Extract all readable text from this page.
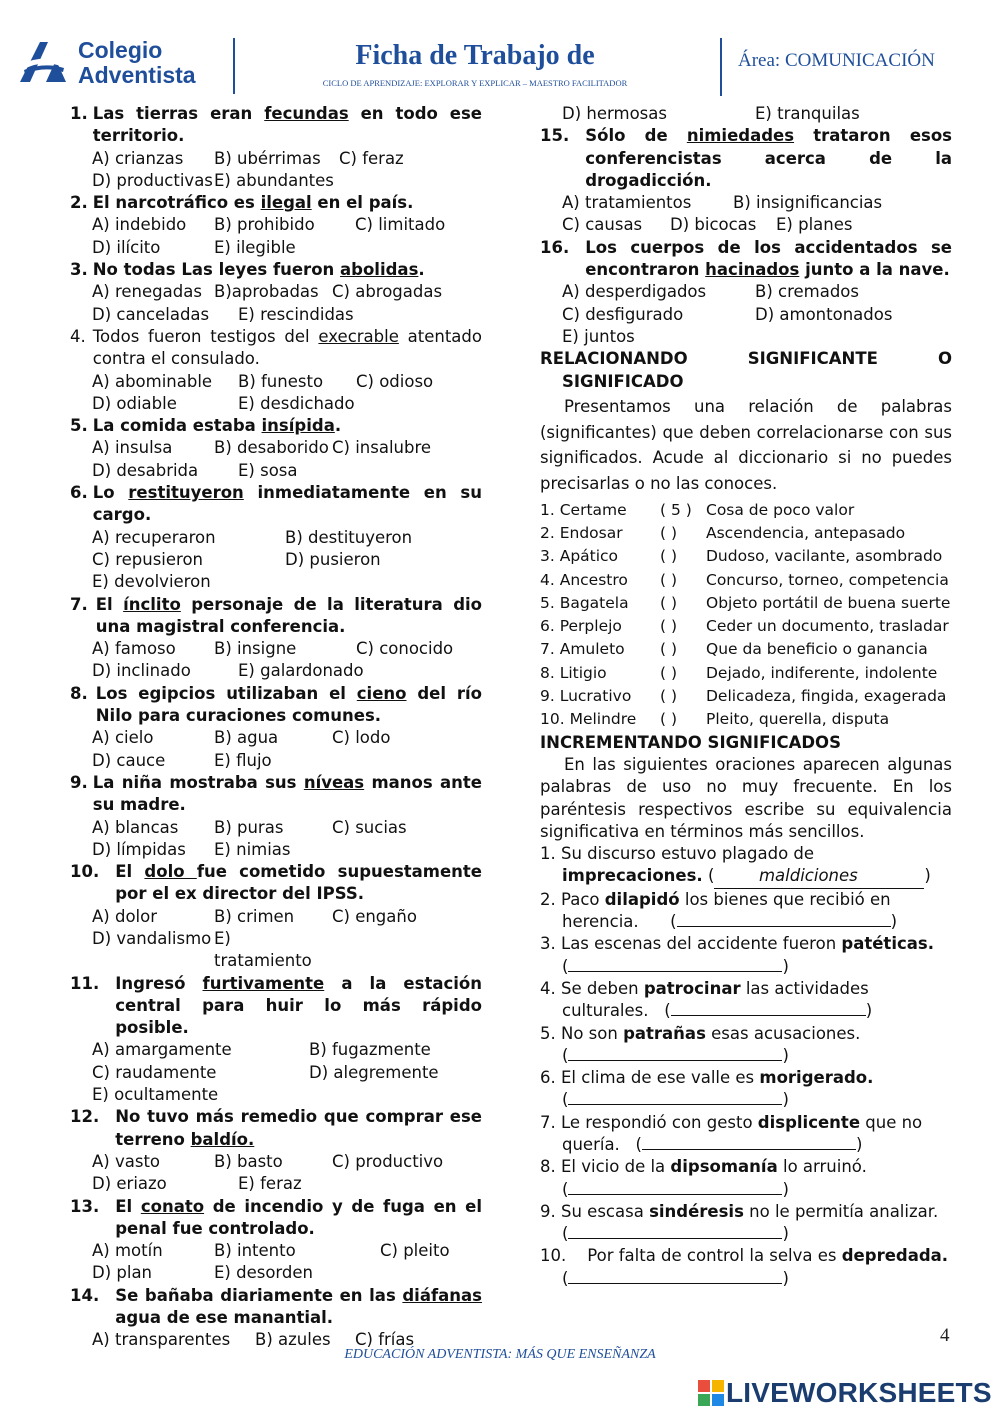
Colegio
Adventista
Ficha de Trabajo de
CICLO DE APRENDIZAJE: EXPLORAR Y EXPLICAR – MAESTRO FACILITADOR
Área: COMUNICACIÓN
1. Las tierras eran fecundas en todo ese territorio.
A) crianzas	B) ubérrimas	C) feraz
D) productivas E) abundantes
2. El narcotráfico es ilegal en el país.
A) indebido	B) prohibido	C) limitado
D) ilícito	E) ilegible
3. No todas Las leyes fueron abolidas.
A) renegadas B)aprobadas C) abrogadas
D) canceladas	E) rescindidas
4. Todos fueron testigos del execrable atentado contra el consulado.
A) abominable	B) funesto	C) odioso
D) odiable	E) desdichado
5. La comida estaba insípida.
A) insulsa	B) desaborido C) insalubre
D) desabrida	E) sosa
6. Lo restituyeron inmediatamente en su cargo.
A) recuperaron	B) destituyeron
C) repusieron	D) pusieron
E) devolvieron
7. El ínclito personaje de la literatura dio una magistral conferencia.
A) famoso	B) insigne	C) conocido
D) inclinado	E) galardonado
8. Los egipcios utilizaban el cieno del río Nilo para curaciones comunes.
A) cielo	B) agua	C) lodo
D) cauce	E) flujo
9. La niña mostraba sus níveas manos ante su madre.
A) blancas	B) puras	C) sucias
D) límpidas	E) nimias
10. El dolo fue cometido supuestamente por el ex director del IPSS.
A) dolor	B) crimen	C) engaño
D) vandalismo E) tratamiento
11. Ingresó furtivamente a la estación central para huir lo más rápido posible.
A) amargamente	B) fugazmente
C) raudamente	D) alegremente
E) ocultamente
12. No tuvo más remedio que comprar ese terreno baldío.
A) vasto	B) basto	C) productivo
D) eriazo	E) feraz
13. El conato de incendio y de fuga en el penal fue controlado.
A) motín	B) intento	C) pleito
D) plan	E) desorden
14. Se bañaba diariamente en las diáfanas agua de ese manantial.
A) transparentes	B) azules	C) frías
D) hermosas	E) tranquilas
15. Sólo de nimiedades trataron esos conferencistas acerca de la drogadicción.
A) tratamientos	B) insignificancias
C) causas	D) bicocas	E) planes
16. Los cuerpos de los accidentados se encontraron hacinados junto a la nave.
A) desperdigados	B) cremados
C) desfigurado	D) amontonados
E) juntos
RELACIONANDO SIGNIFICANTE O SIGNIFICADO
Presentamos una relación de palabras (significantes) que deben correlacionarse con sus significados. Acude al diccionario si no puedes precisarlas o no las conoces.
1. Certame	( 5 ) Cosa de poco valor
2. Endosar	( )	Ascendencia, antepasado
3. Apático	( )	Dudoso, vacilante, asombrado
4. Ancestro	( )	Concurso, torneo, competencia
5. Bagatela	( )	Objeto portátil de buena suerte
6. Perplejo	( )	Ceder un documento, trasladar
7. Amuleto	( )	Que da beneficio o ganancia
8. Litigio	( )	Dejado, indiferente, indolente
9. Lucrativo	( )	Delicadeza, fingida, exagerada
10. Melindre	( )	Pleito, querella, disputa
INCREMENTANDO SIGNIFICADOS
En las siguientes oraciones aparecen algunas palabras de uso no muy frecuente. En los paréntesis respectivos escribe su equivalencia significativa en términos más sencillos.
1. Su discurso estuvo plagado de
imprecaciones. (	maldiciones	)
2. Paco dilapidó los bienes que recibió en herencia.      (	)
3. Las escenas del accidente fueron patéticas.
(	)
4. Se deben patrocinar las actividades culturales.   (	)
5. No son patrañas esas acusaciones.
(	)
6. El clima de ese valle es morigerado.
(	)
7. Le respondió con gesto displicente que no quería.   (	)
8. El vicio de la dipsomanía lo arruinó.
(	)
9. Su escasa sindéresis no le permitía analizar.
(	)
10. Por falta de control la selva es depredada.
(	)
4
EDUCACIÓN ADVENTISTA: MÁS QUE ENSEÑANZA
LIVEWORKSHEETS
